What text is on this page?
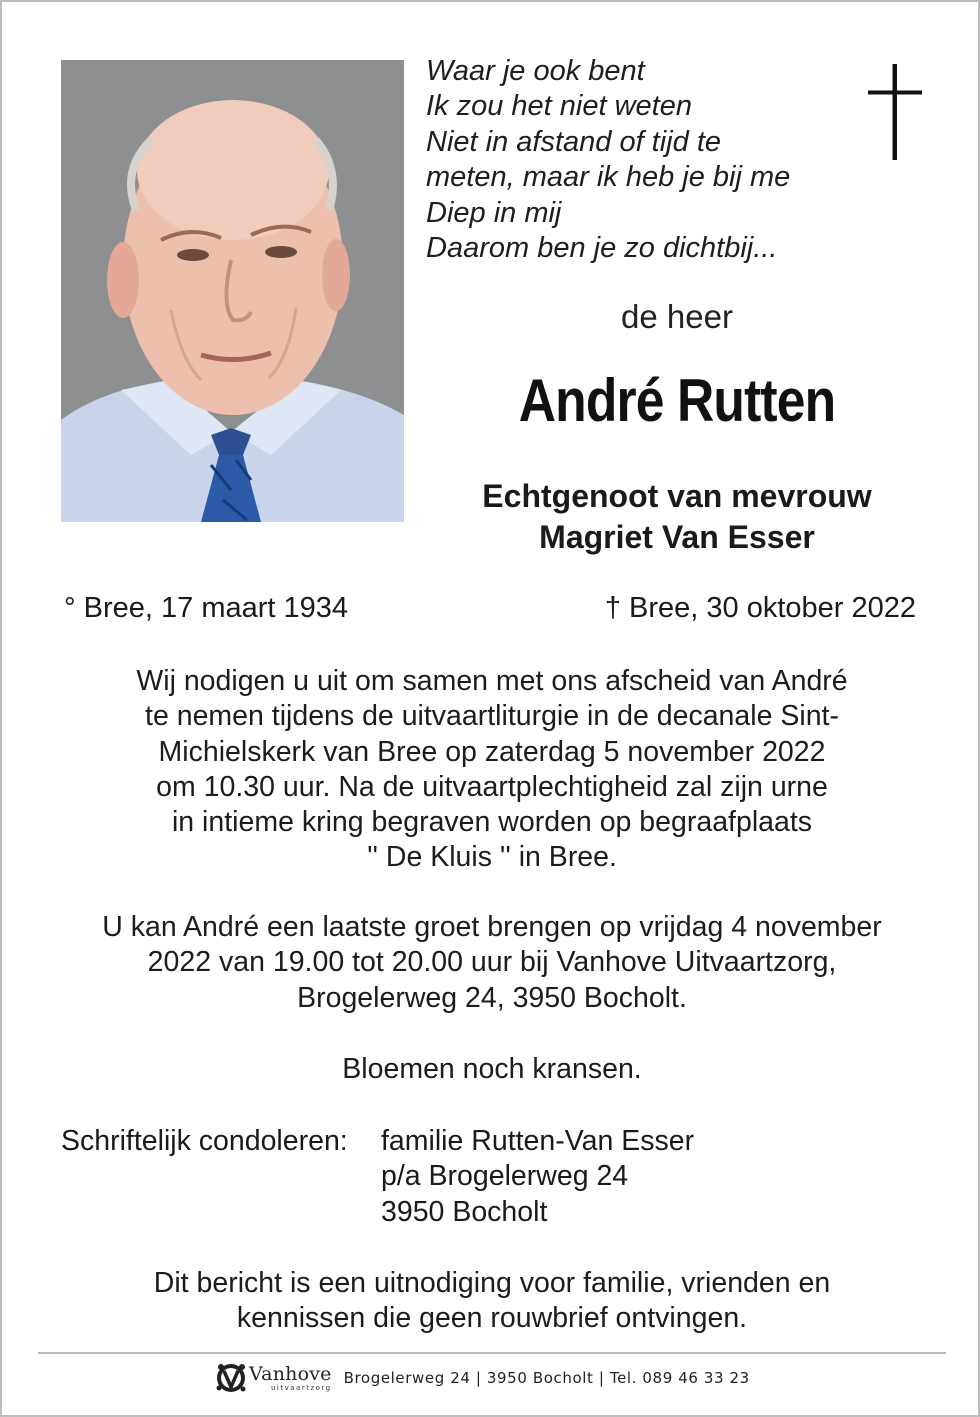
Waar je ook bent
Ik zou het niet weten
Niet in afstand of tijd te
meten, maar ik heb je bij me
Diep in mij
Daarom ben je zo dichtbij...
de heer
André Rutten
Echtgenoot van mevrouw
Magriet Van Esser
° Bree, 17 maart 1934	† Bree, 30 oktober 2022
Wij nodigen u uit om samen met ons afscheid van André
te nemen tijdens de uitvaartliturgie in de decanale Sint-
Michielskerk van Bree op zaterdag 5 november 2022
om 10.30 uur. Na de uitvaartplechtigheid zal zijn urne
in intieme kring begraven worden op begraafplaats
'' De Kluis '' in Bree.
U kan André een laatste groet brengen op vrijdag 4 november
2022 van 19.00 tot 20.00 uur bij Vanhove Uitvaartzorg,
Brogelerweg 24, 3950 Bocholt.
Bloemen noch kransen.
Schriftelijk condoleren: familie Rutten-Van Esser
p/a Brogelerweg 24
3950 Bocholt
Dit bericht is een uitnodiging voor familie, vrienden en
kennissen die geen rouwbrief ontvingen.
Vanhove
uitvaartzorg
Brogelerweg 24 | 3950 Bocholt | Tel. 089 46 33 23
